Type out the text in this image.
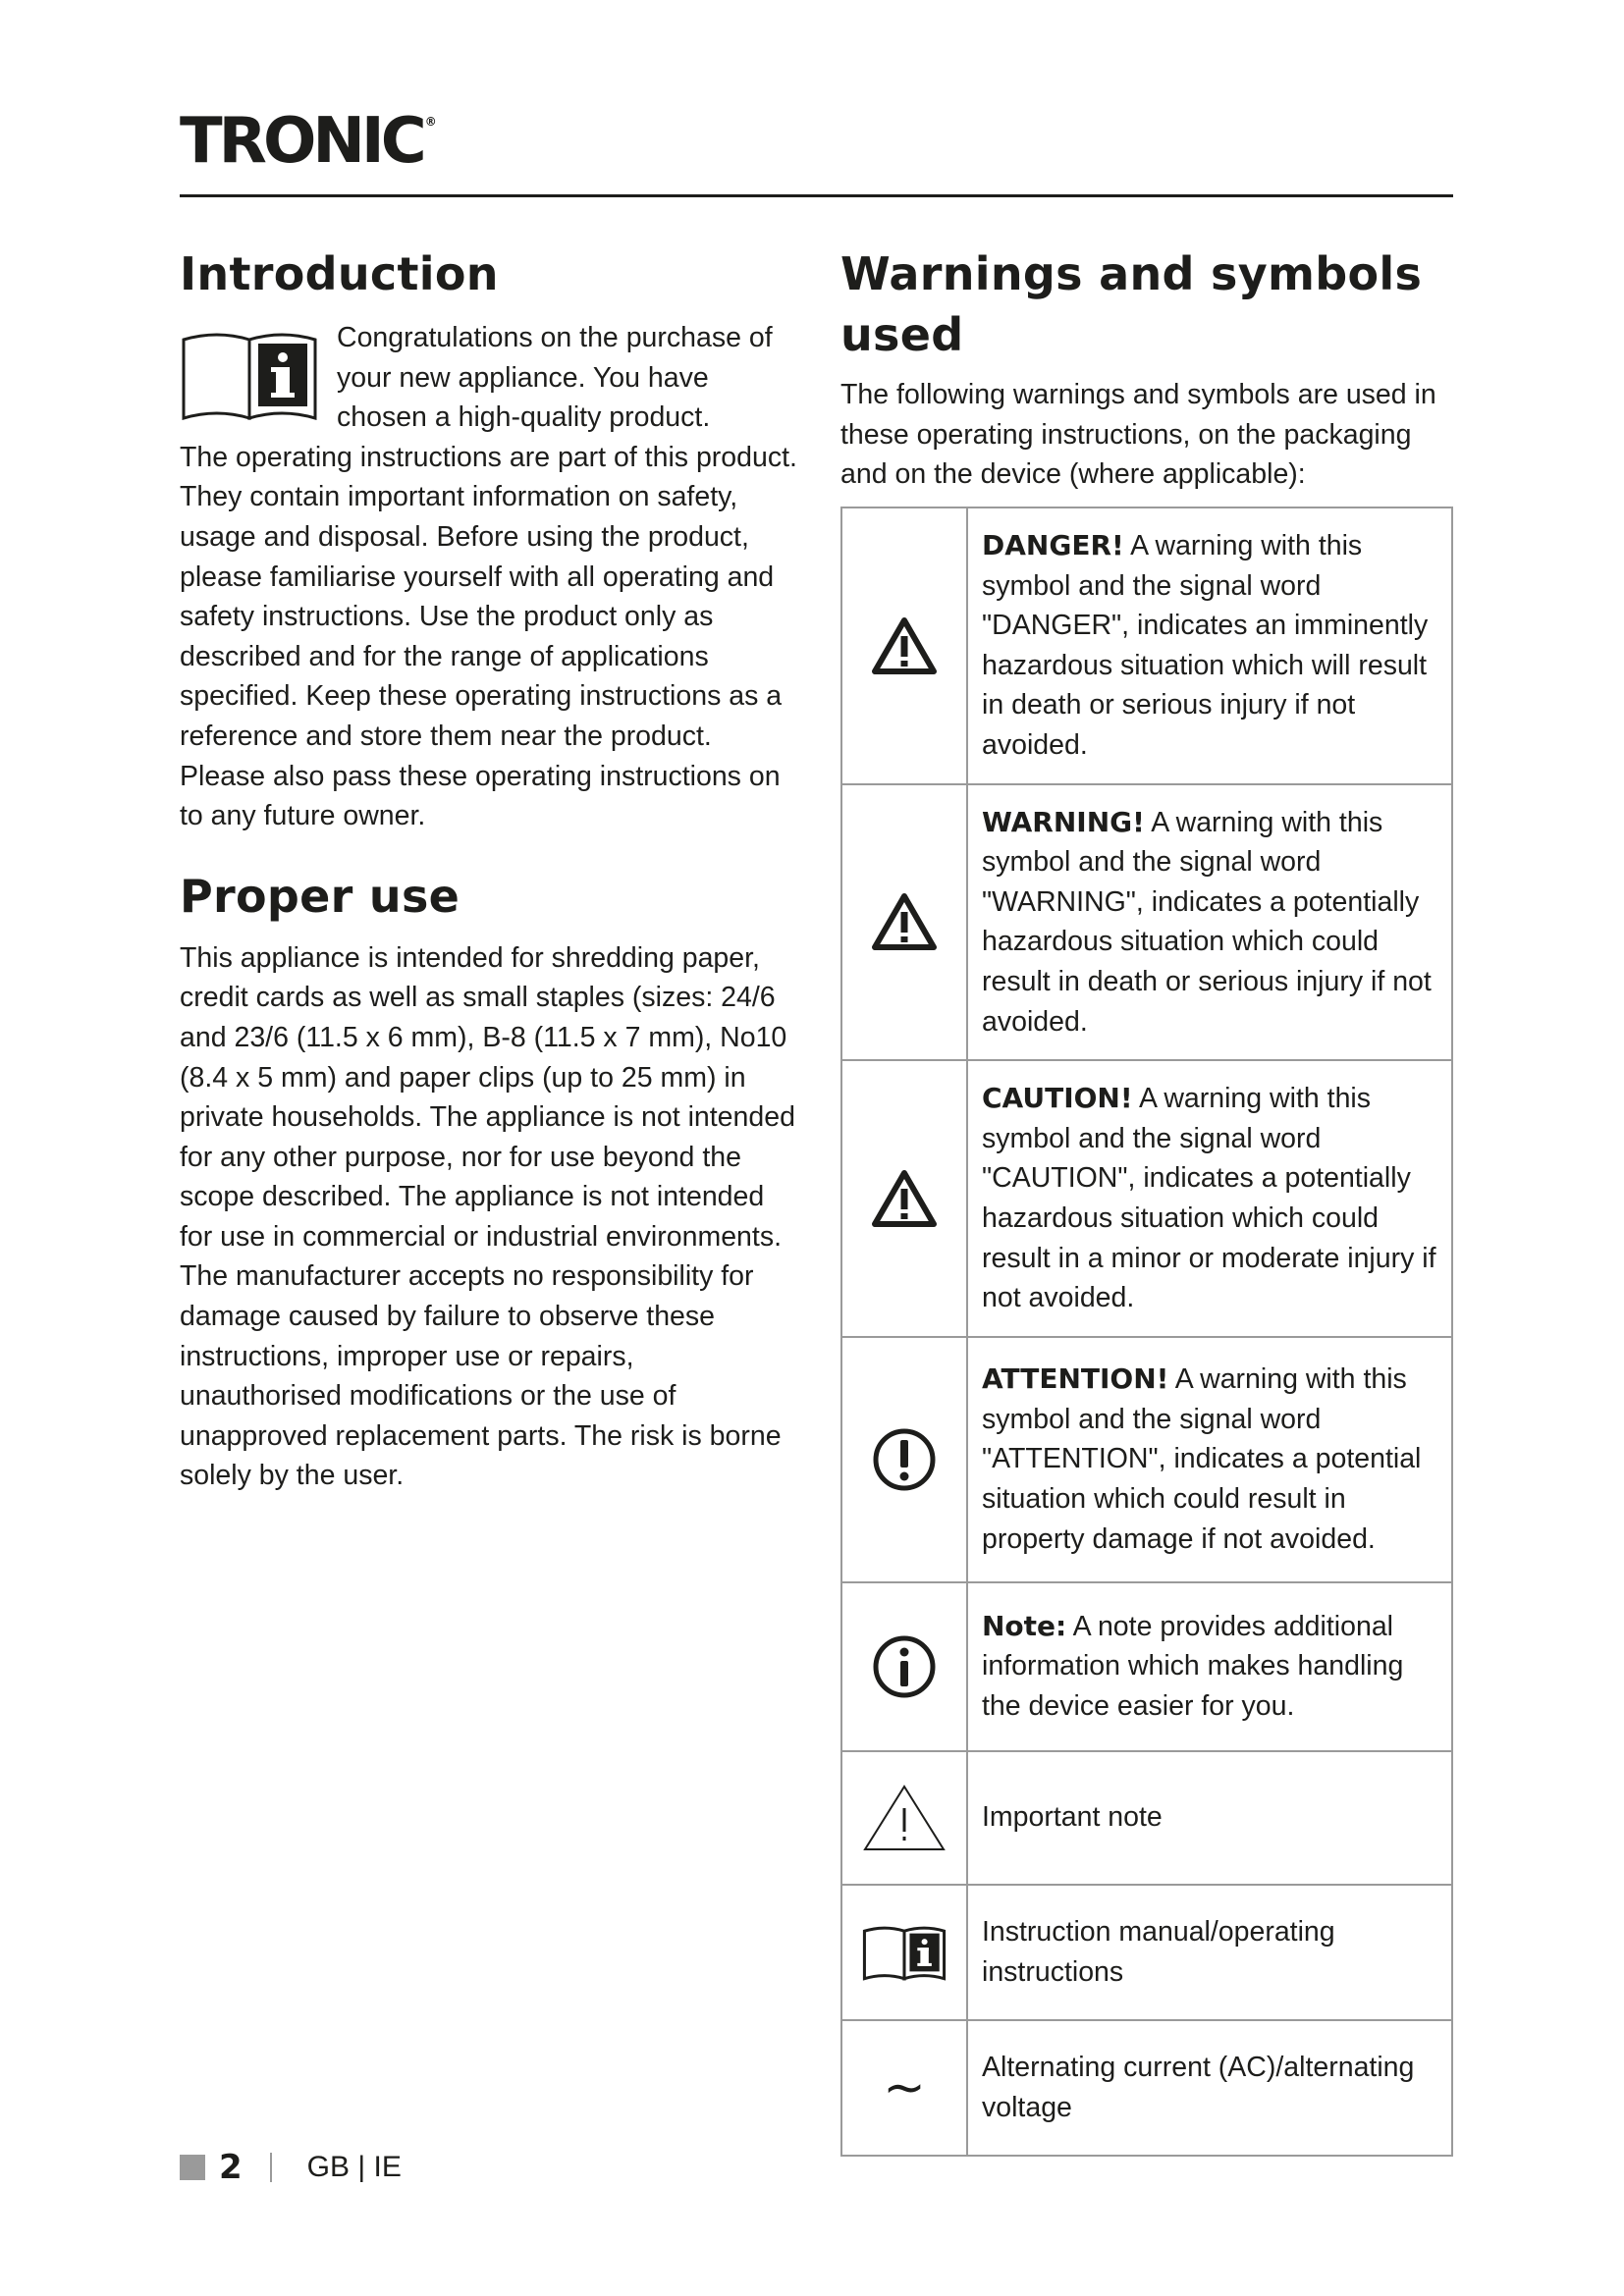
TRONIC ®
Introduction

Congratulations on the purchase of your new appliance. You have chosen a high-quality product.

The operating instructions are part of this product. They contain important information on safety, usage and disposal. Before using the product, please familiarise yourself with all operating and safety instructions. Use the product only as described and for the range of applications specified. Keep these operating instructions as a reference and store them near the product. Please also pass these operating instructions on to any future owner.

Proper use

This appliance is intended for shredding paper, credit cards as well as small staples (sizes: 24/6 and 23/6 (11.5 x 6 mm), B-8 (11.5 x 7 mm), No10 (8.4 x 5 mm) and paper clips (up to 25 mm) in private households. The appliance is not intended for any other purpose, nor for use beyond the scope described. The appliance is not intended for use in commercial or industrial environments.

The manufacturer accepts no responsibility for damage caused by failure to observe these instructions, improper use or repairs, unauthorised modifications or the use of unapproved replacement parts. The risk is borne solely by the user.

Warnings and symbols used

The following warnings and symbols are used in these operating instructions, on the packaging and on the device (where applicable):

	DANGER! A warning with this symbol and the signal word "DANGER", indicates an imminently hazardous situation which will result in death or serious injury if not avoided.

	WARNING! A warning with this symbol and the signal word "WARNING", indicates a potentially hazardous situation which could result in death or serious injury if not avoided.

	CAUTION! A warning with this symbol and the signal word "CAUTION", indicates a potentially hazardous situation which could result in a minor or moderate injury if not avoided.

	ATTENTION! A warning with this symbol and the signal word "ATTENTION", indicates a potential situation which could result in property damage if not avoided.

	Note: A note provides additional information which makes handling the device easier for you.

	Important note

	Instruction manual/operating instructions
~	Alternating current (AC)/alternating voltage
2 GB | IE
